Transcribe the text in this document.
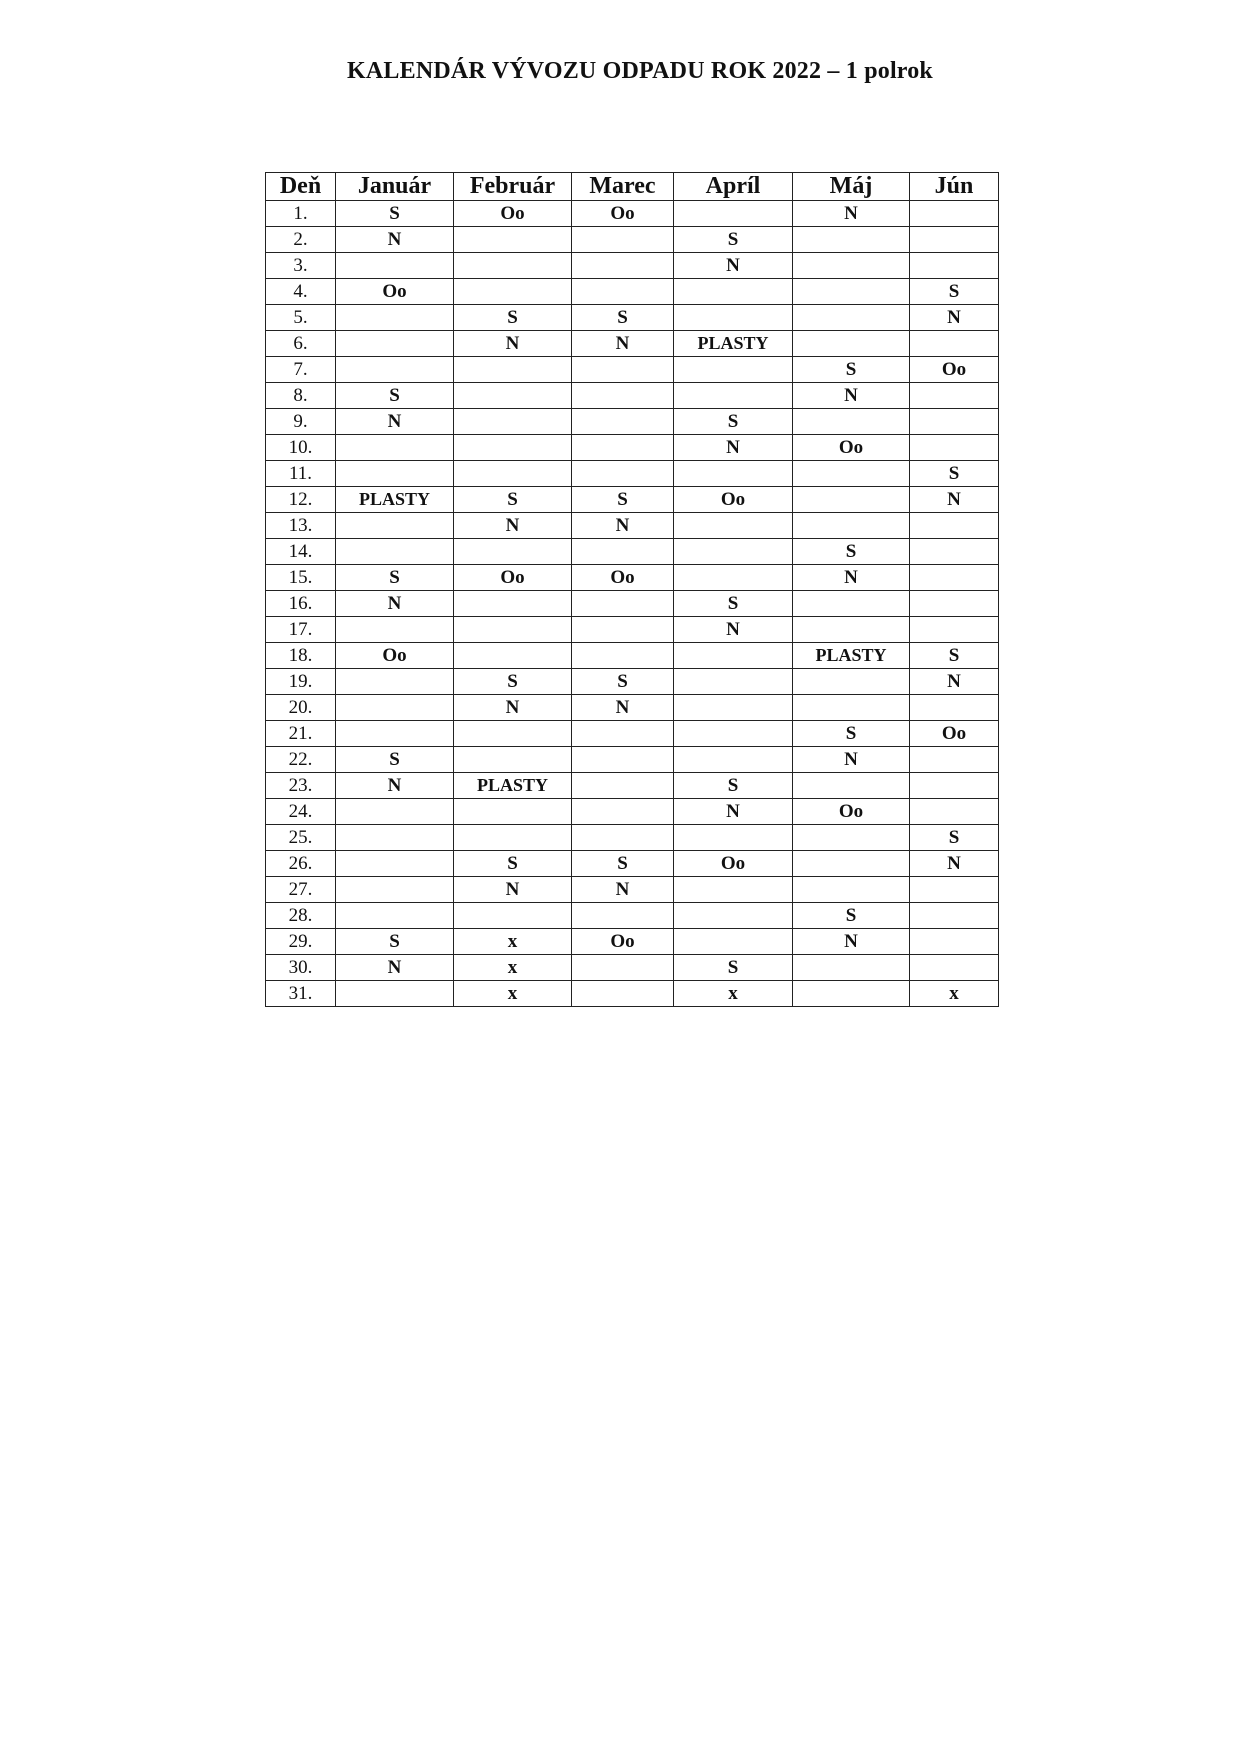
KALENDÁR VÝVOZU ODPADU ROK 2022 – 1 polrok
Deň	Január	Február	Marec	Apríl	Máj	Jún
1.	S	Oo	Oo		N	
2.	N			S		
3.				N		
4.	Oo					S
5.		S	S			N
6.		N	N	PLASTY		
7.					S	Oo
8.	S				N	
9.	N			S		
10.				N	Oo	
11.						S
12.	PLASTY	S	S	Oo		N
13.		N	N			
14.					S	
15.	S	Oo	Oo		N	
16.	N			S		
17.				N		
18.	Oo				PLASTY	S
19.		S	S			N
20.		N	N			
21.					S	Oo
22.	S				N	
23.	N	PLASTY		S		
24.				N	Oo	
25.						S
26.		S	S	Oo		N
27.		N	N			
28.					S	
29.	S	x	Oo		N	
30.	N	x		S		
31.		x		x		x
